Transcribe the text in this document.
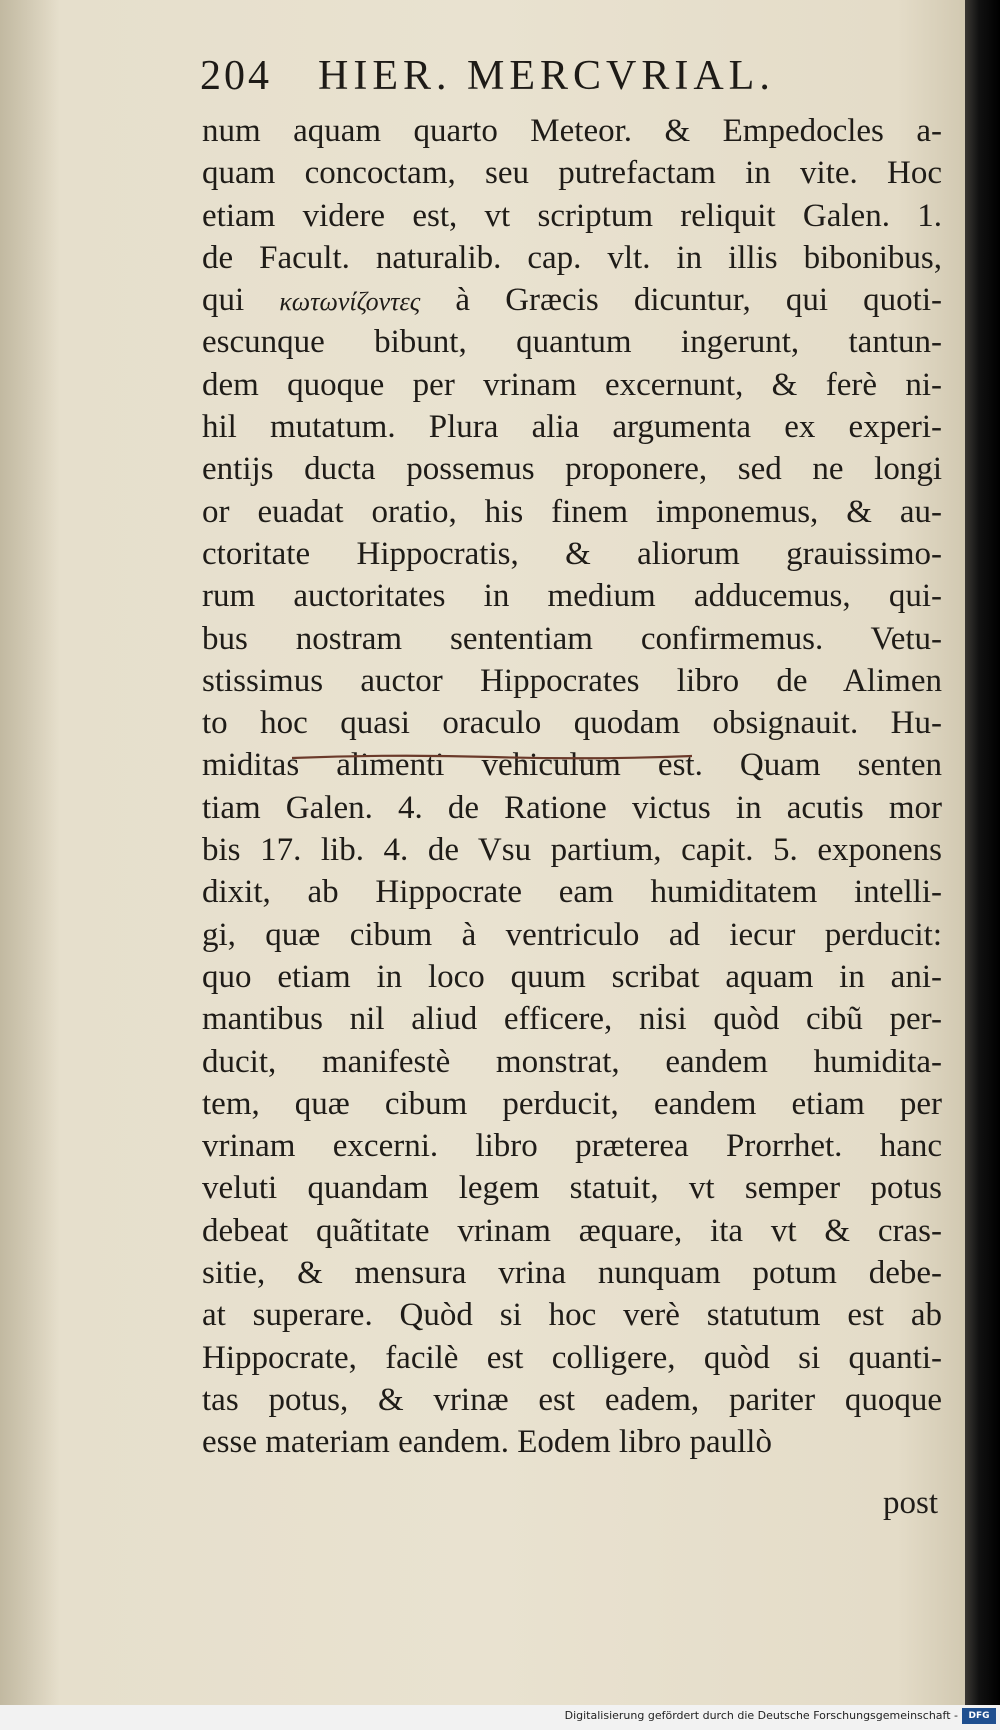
204 HIER. MERCVRIAL.
num aquam quarto Meteor. & Empedocles a-
quam concoctam, seu putrefactam in vite. Hoc
etiam videre est, vt scriptum reliquit Galen. 1.
de Facult. naturalib. cap. vlt. in illis bibonibus,
qui κωτωνίζοντες à Græcis dicuntur, qui quoti-
escunque bibunt, quantum ingerunt, tantun-
dem quoque per vrinam excernunt, & ferè ni-
hil mutatum. Plura alia argumenta ex experi-
entijs ducta possemus proponere, sed ne longi
or euadat oratio, his finem imponemus, & au-
ctoritate Hippocratis, & aliorum grauissimo-
rum auctoritates in medium adducemus, qui-
bus nostram sententiam confirmemus. Vetu-
stissimus auctor Hippocrates libro de Alimen
to hoc quasi oraculo quodam obsignauit. Hu-
miditas alimenti vehiculum est. Quam senten
tiam Galen. 4. de Ratione victus in acutis mor
bis 17. lib. 4. de Vsu partium, capit. 5. exponens
dixit, ab Hippocrate eam humiditatem intelli-
gi, quæ cibum à ventriculo ad iecur perducit:
quo etiam in loco quum scribat aquam in ani-
mantibus nil aliud efficere, nisi quòd cibũ per-
ducit, manifestè monstrat, eandem humidita-
tem, quæ cibum perducit, eandem etiam per
vrinam excerni. libro præterea Prorrhet. hanc
veluti quandam legem statuit, vt semper potus
debeat quãtitate vrinam æquare, ita vt & cras-
sitie, & mensura vrina nunquam potum debe-
at superare. Quòd si hoc verè statutum est ab
Hippocrate, facilè est colligere, quòd si quanti-
tas potus, & vrinæ est eadem, pariter quoque
esse materiam eandem. Eodem libro paullò
post
Digitalisierung gefördert durch die Deutsche Forschungsgemeinschaft -	DFG
